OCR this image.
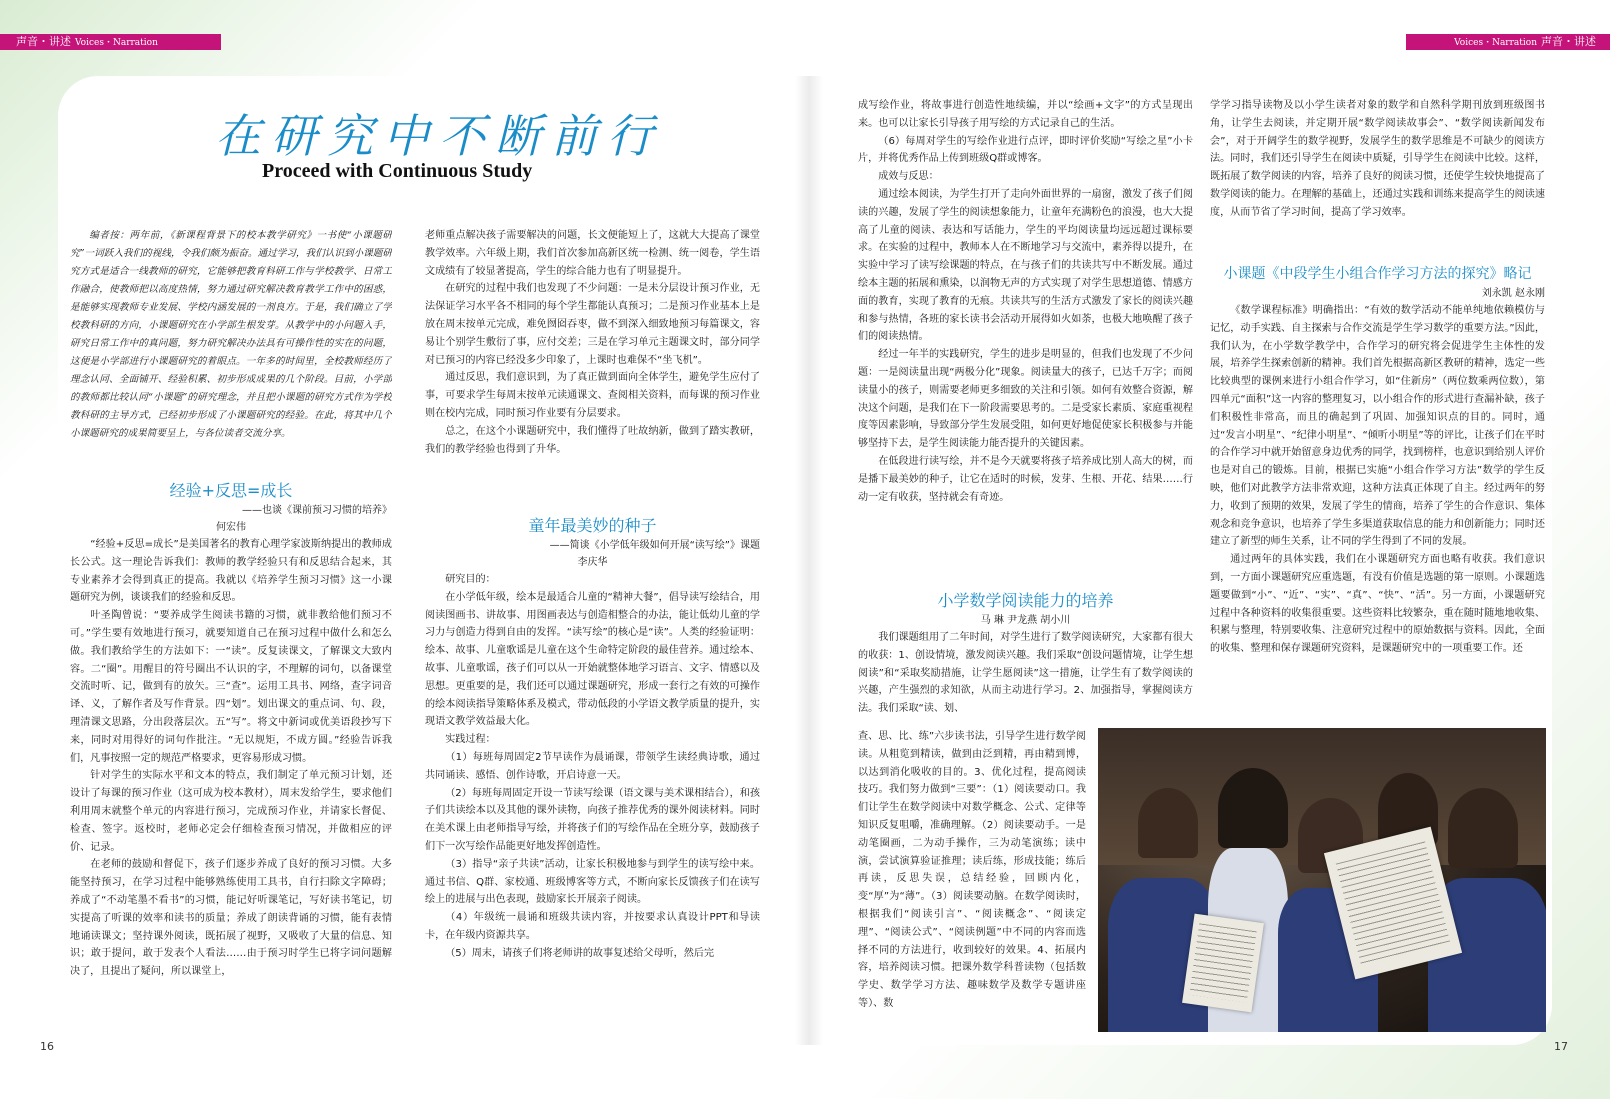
声音・讲述 Voices・Narration	Voices・Narration 声音・讲述
在研究中不断前行
Proceed with Continuous Study

编者按：两年前，《新课程背景下的校本教学研究》一书使“小课题研究”一词跃入我们的视线，令我们颇为振奋。通过学习，我们认识到小课题研究方式是适合一线教师的研究，它能够把教育科研工作与学校教学、日常工作融合，使教师把以高度热情，努力通过研究解决教育教学工作中的困惑，是能够实现教师专业发展、学校内涵发展的一剂良方。于是，我们确立了学校教科研的方向，小课题研究在小学部生根发芽。从教学中的小问题入手，研究日常工作中的真问题，努力研究解决办法具有可操作性的实在的问题，这便是小学部进行小课题研究的着眼点。一年多的时间里，全校教师经历了理念认同、全面铺开、经验积累、初步形成成果的几个阶段。目前，小学部的教师都比较认同“小课题”的研究理念，并且把小课题的研究方式作为学校教科研的主导方式，已经初步形成了小课题研究的经验。在此，将其中几个小课题研究的成果简要呈上，与各位读者交流分享。

经验+反思=成长

——也谈《课前预习习惯的培养》

何宏伟

“经验+反思=成长”是美国著名的教育心理学家波斯纳提出的教师成长公式。这一理论告诉我们：教师的教学经验只有和反思结合起来，其专业素养才会得到真正的提高。我就以《培养学生预习习惯》这一小课题研究为例，谈谈我们的经验和反思。

叶圣陶曾说：“要养成学生阅读书籍的习惯，就非教给他们预习不可。”学生要有效地进行预习，就要知道自己在预习过程中做什么和怎么做。我们教给学生的方法如下：一“读”。反复读课文，了解课文大致内容。二“圈”。用醒目的符号圈出不认识的字，不理解的词句，以备课堂交流时听、记，做到有的放矢。三“查”。运用工具书、网络，查字词音译、义，了解作者及写作背景。四“划”。划出课文的重点词、句、段，理清课文思路，分出段落层次。五“写”。将文中新词或优美语段抄写下来，同时对用得好的词句作批注。“无以规矩，不成方圆。”经验告诉我们，凡事按照一定的规范严格要求，更容易形成习惯。

针对学生的实际水平和文本的特点，我们制定了单元预习计划，还设计了每课的预习作业（这可成为校本教材），周末发给学生，要求他们利用周末就整个单元的内容进行预习，完成预习作业，并请家长督促、检查、签字。返校时，老师必定会仔细检查预习情况，并做相应的评价、记录。

在老师的鼓励和督促下，孩子们逐步养成了良好的预习习惯。大多能坚持预习，在学习过程中能够熟练使用工具书，自行扫除文字障碍；养成了“不动笔墨不看书”的习惯，能记好听课笔记，写好读书笔记，切实提高了听课的效率和读书的质量；养成了朗读背诵的习惯，能有表情地诵读课文；坚持课外阅读，既拓展了视野，又吸收了大量的信息、知识；敢于提问，敢于发表个人看法……由于预习时学生已将字词问题解决了，且提出了疑问，所以课堂上，

老师重点解决孩子需要解决的问题，长文便能短上了，这就大大提高了课堂教学效率。六年级上期，我们首次参加高新区统一检测、统一阅卷，学生语文成绩有了较显著提高，学生的综合能力也有了明显提升。

在研究的过程中我们也发现了不少问题：一是未分层设计预习作业，无法保证学习水平各不相同的每个学生都能认真预习；二是预习作业基本上是放在周末按单元完成，难免囫囵吞枣，做不到深入细致地预习每篇课文，容易让个别学生敷衍了事，应付交差；三是在学习单元主题课文时，部分同学对已预习的内容已经没多少印象了，上课时也难保不“坐飞机”。

通过反思，我们意识到，为了真正做到面向全体学生，避免学生应付了事，可要求学生每周末按单元读通课文、查阅相关资料，而每课的预习作业则在校内完成，同时预习作业要有分层要求。

总之，在这个小课题研究中，我们懂得了吐故纳新，做到了踏实教研，我们的教学经验也得到了升华。

童年最美妙的种子

——简谈《小学低年级如何开展“读写绘”》课题

李庆华

研究目的：

在小学低年级，绘本是最适合儿童的“精神大餐”，倡导读写绘结合，用阅读图画书、讲故事、用图画表达与创造相整合的办法，能让低幼儿童的学习力与创造力得到自由的发挥。“读写绘”的核心是“读”。人类的经验证明：绘本、故事、儿童歌谣是儿童在这个生命特定阶段的最佳营养。通过绘本、故事、儿童歌谣，孩子们可以从一开始就整体地学习语言、文字、情感以及思想。更重要的是，我们还可以通过课题研究，形成一套行之有效的可操作的绘本阅读指导策略体系及模式，带动低段的小学语文教学质量的提升，实现语文教学效益最大化。

实践过程：

（1）每班每周固定2节早读作为晨诵课，带领学生读经典诗歌，通过共同诵读、感悟、创作诗歌，开启诗意一天。

（2）每班每周固定开设一节读写绘课（语文课与美术课相结合），和孩子们共读绘本以及其他的课外读物，向孩子推荐优秀的课外阅读材料。同时在美术课上由老师指导写绘，并将孩子们的写绘作品在全班分享，鼓励孩子们下一次写绘作品能更好地发挥创造性。

（3）指导“亲子共读”活动，让家长积极地参与到学生的读写绘中来。通过书信、Q群、家校通、班级博客等方式，不断向家长反馈孩子们在读写绘上的进展与出色表现，鼓励家长开展亲子阅读。

（4）年级统一晨诵和班级共读内容，并按要求认真设计PPT和导读卡，在年级内资源共享。

（5）周末，请孩子们将老师讲的故事复述给父母听，然后完

成写绘作业，将故事进行创造性地续编，并以“绘画+文字”的方式呈现出来。也可以让家长引导孩子用写绘的方式记录自己的生活。

（6）每周对学生的写绘作业进行点评，即时评价奖励“写绘之星”小卡片，并将优秀作品上传到班级Q群或博客。

成效与反思：

通过绘本阅读，为学生打开了走向外面世界的一扇窗，激发了孩子们阅读的兴趣，发展了学生的阅读想象能力，让童年充满粉色的浪漫，也大大提高了儿童的阅读、表达和写话能力，学生的平均阅读量均远远超过课标要求。在实验的过程中，教师本人在不断地学习与交流中，素养得以提升，在实验中学习了读写绘课题的特点，在与孩子们的共读共写中不断发展。通过绘本主题的拓展和熏染，以润物无声的方式实现了对学生思想道德、情感方面的教育，实现了教育的无痕。共读共写的生活方式激发了家长的阅读兴趣和参与热情，各班的家长读书会活动开展得如火如荼，也极大地唤醒了孩子们的阅读热情。

经过一年半的实践研究，学生的进步是明显的，但我们也发现了不少问题：一是阅读量出现“两极分化”现象。阅读量大的孩子，已达千万字；而阅读量小的孩子，则需要老师更多细致的关注和引领。如何有效整合资源，解决这个问题，是我们在下一阶段需要思考的。二是受家长素质、家庭重视程度等因素影响，导致部分学生发展受阻，如何更好地促使家长积极参与并能够坚持下去，是学生阅读能力能否提升的关键因素。

在低段进行读写绘，并不是今天就要将孩子培养成比别人高大的树，而是播下最美妙的种子，让它在适时的时候，发芽、生根、开花、结果……行动一定有收获，坚持就会有奇迹。

小学数学阅读能力的培养

马 琳 尹龙燕 胡小川

我们课题组用了二年时间，对学生进行了数学阅读研究，大家都有很大的收获：1、创设情境，激发阅读兴趣。我们采取“创设问题情境，让学生想阅读”和“采取奖励措施，让学生愿阅读”这一措施，让学生有了数学阅读的兴趣，产生强烈的求知欲，从而主动进行学习。2、加强指导，掌握阅读方法。我们采取“读、划、

查、思、比、练”六步读书法，引导学生进行数学阅读。从粗览到精读，做到由泛到精，再由精到博，以达到消化吸收的目的。3、优化过程，提高阅读技巧。我们努力做到“三要”：（1）阅读要动口。我们让学生在数学阅读中对数学概念、公式、定律等知识反复咀嚼，准确理解。（2）阅读要动手。一是动笔圈画，二为动手操作，三为动笔演练；读中演，尝试演算验证推理；读后练，形成技能；练后再读，反思失误，总结经验，回顾内化，变“厚”为“薄”。（3）阅读要动脑。在数学阅读时，根据我们“阅读引言”、“阅读概念”、“阅读定理”、“阅读公式”、“阅读例题”中不同的内容而选择不同的方法进行，收到较好的效果。4、拓展内容，培养阅读习惯。把课外数学科普读物（包括数学史、数学学习方法、趣味数学及数学专题讲座等）、数

学学习指导读物及以小学生读者对象的数学和自然科学期刊放到班级图书角，让学生去阅读，并定期开展“数学阅读故事会”、“数学阅读新闻发布会”，对于开阔学生的数学视野，发展学生的数学思维是不可缺少的阅读方法。同时，我们还引导学生在阅读中质疑，引导学生在阅读中比较。这样，既拓展了数学阅读的内容，培养了良好的阅读习惯，还使学生较快地提高了数学阅读的能力。在理解的基础上，还通过实践和训练来提高学生的阅读速度，从而节省了学习时间，提高了学习效率。

小课题《中段学生小组合作学习方法的探究》略记

刘永凯 赵永刚

《数学课程标准》明确指出：“有效的数学活动不能单纯地依赖模仿与记忆，动手实践、自主探索与合作交流是学生学习数学的重要方法。”因此，我们认为，在小学数学教学中，合作学习的研究将会促进学生主体性的发展，培养学生探索创新的精神。我们首先根据高新区教研的精神，选定一些比较典型的课例来进行小组合作学习，如“住新房”（两位数乘两位数），第四单元“面积”这一内容的整理复习，以小组合作的形式进行查漏补缺，孩子们积极性非常高，而且的确起到了巩固、加强知识点的目的。同时，通过“发言小明星”、“纪律小明星”、“倾听小明星”等的评比，让孩子们在平时的合作学习中就开始留意身边优秀的同学，找到榜样，也意识到给别人评价也是对自己的锻炼。目前，根据已实施“小组合作学习方法”数学的学生反映，他们对此教学方法非常欢迎，这种方法真正体现了自主。经过两年的努力，收到了预期的效果，发展了学生的情商，培养了学生的合作意识、集体观念和竞争意识，也培养了学生多渠道获取信息的能力和创新能力；同时还建立了新型的师生关系，让不同的学生得到了不同的发展。

通过两年的具体实践，我们在小课题研究方面也略有收获。我们意识到，一方面小课题研究应重选题，有没有价值是选题的第一原则。小课题选题要做到“小”、“近”、“实”、“真”、“快”、“活”。另一方面，小课题研究过程中各种资料的收集很重要。这些资料比较繁杂，重在随时随地地收集、积累与整理，特别要收集、注意研究过程中的原始数据与资料。因此，全面的收集、整理和保存课题研究资料，是课题研究中的一项重要工作。还

16	17
